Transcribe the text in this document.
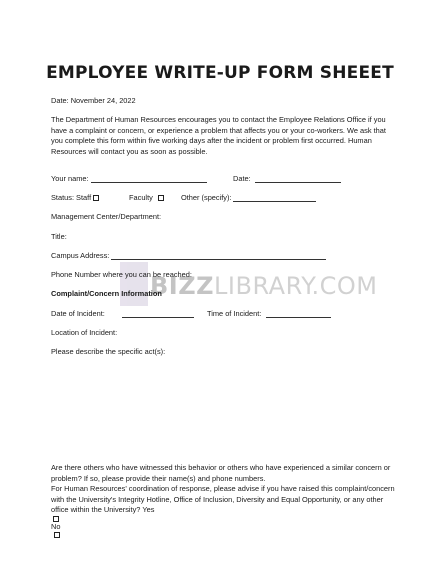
EMPLOYEE WRITE-UP FORM SHEEET
Date: November 24, 2022
The Department of Human Resources encourages you to contact the Employee Relations Office if you
have a complaint or concern, or experience a problem that affects you or your co-workers. We ask that
you complete this form within five working days after the incident or problem first occurred. Human
Resources will contact you as soon as possible.
Your name:	Date:
Status: Staff	Faculty	Other (specify):
Management Center/Department:
Title:
Campus Address:
BIZZLIBRARY.COM
Phone Number where you can be reached:
Complaint/Concern Information
Date of Incident:	Time of Incident:
Location of Incident:
Please describe the specific act(s):
Are there others who have witnessed this behavior or others who have experienced a similar concern or
problem? If so, please provide their name(s) and phone numbers.
For Human Resources' coordination of response, please advise if you have raised this complaint/concern
with the University's Integrity Hotline, Office of Inclusion, Diversity and Equal Opportunity, or any other
office within the University? Yes
No
